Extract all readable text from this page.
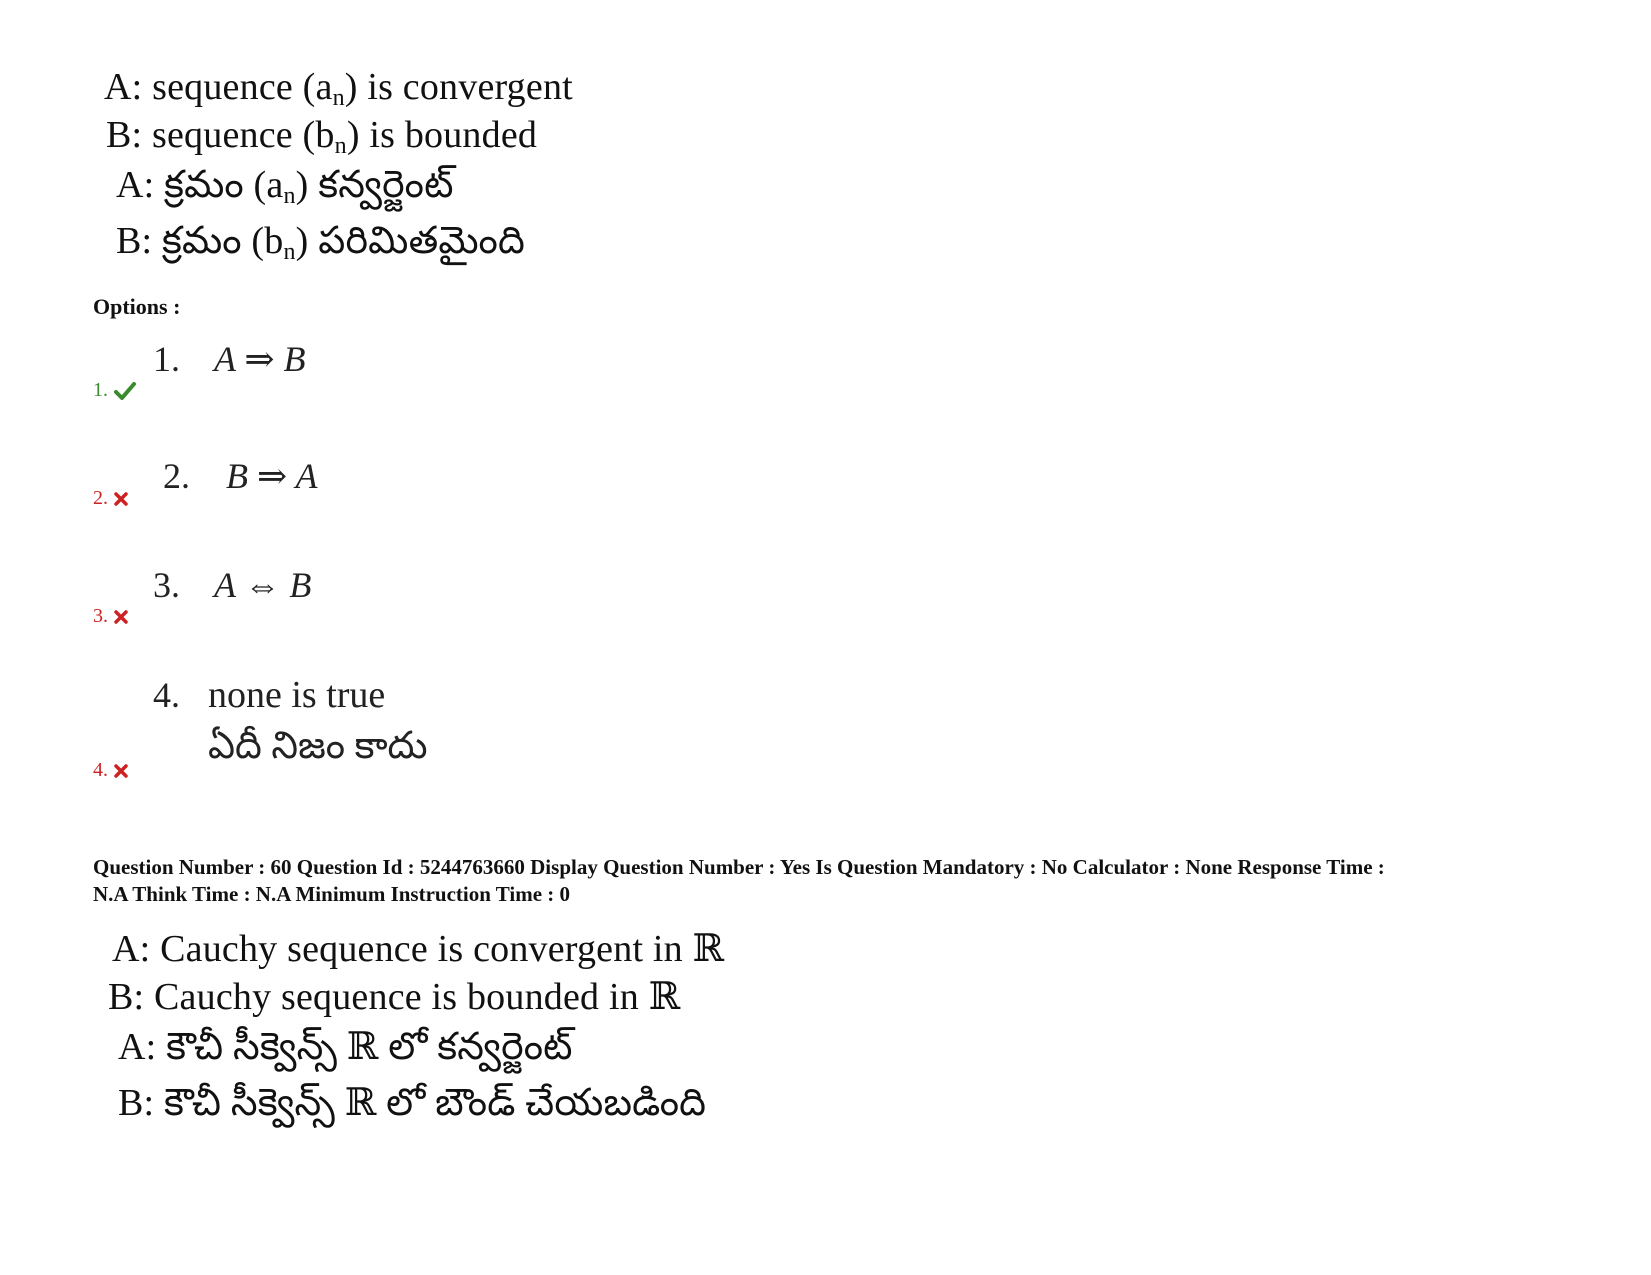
A: sequence $(a_n)$ is convergent
B: sequence $(b_n)$ is bounded
A: క్రమం $(a_n)$ కన్వర్జెంట్
B: క్రమం $(b_n)$ పరిమితమైంది
Options :
1. A ⇒ B
1.
2. B ⇒ A
2.
3. A ⇔ B
3.
4. none is true
ఏదీ నిజం కాదు
4.
Question Number : 60 Question Id : 5244763660 Display Question Number : Yes Is Question Mandatory : No Calculator : None Response Time :
N.A Think Time : N.A Minimum Instruction Time : 0
A: Cauchy sequence is convergent in ℝ
B: Cauchy sequence is bounded in ℝ
A: కౌచీ సీక్వెన్స్ ℝ లో కన్వర్జెంట్
B: కౌచీ సీక్వెన్స్ ℝ లో బౌండ్ చేయబడింది
